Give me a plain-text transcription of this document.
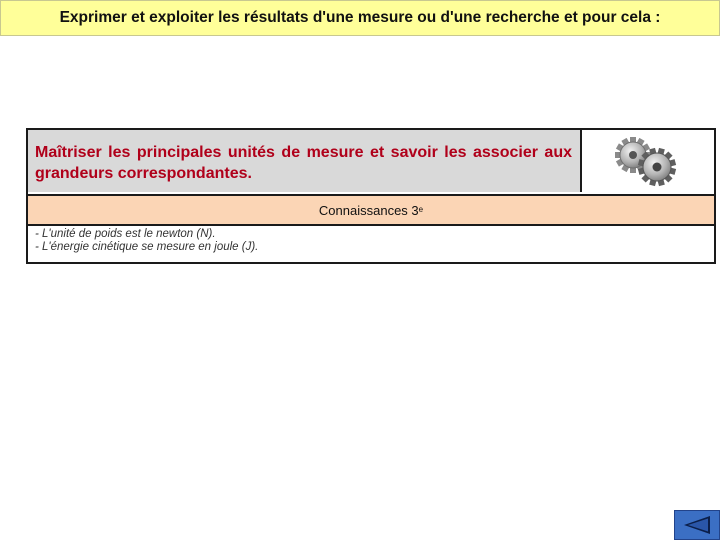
Exprimer et exploiter les résultats d'une mesure ou d'une recherche et pour cela :
Maîtriser les principales unités de mesure et savoir les associer aux grandeurs correspondantes.
Connaissances 3e
- L'unité de poids est le newton (N).
- L'énergie cinétique se mesure en joule (J).
